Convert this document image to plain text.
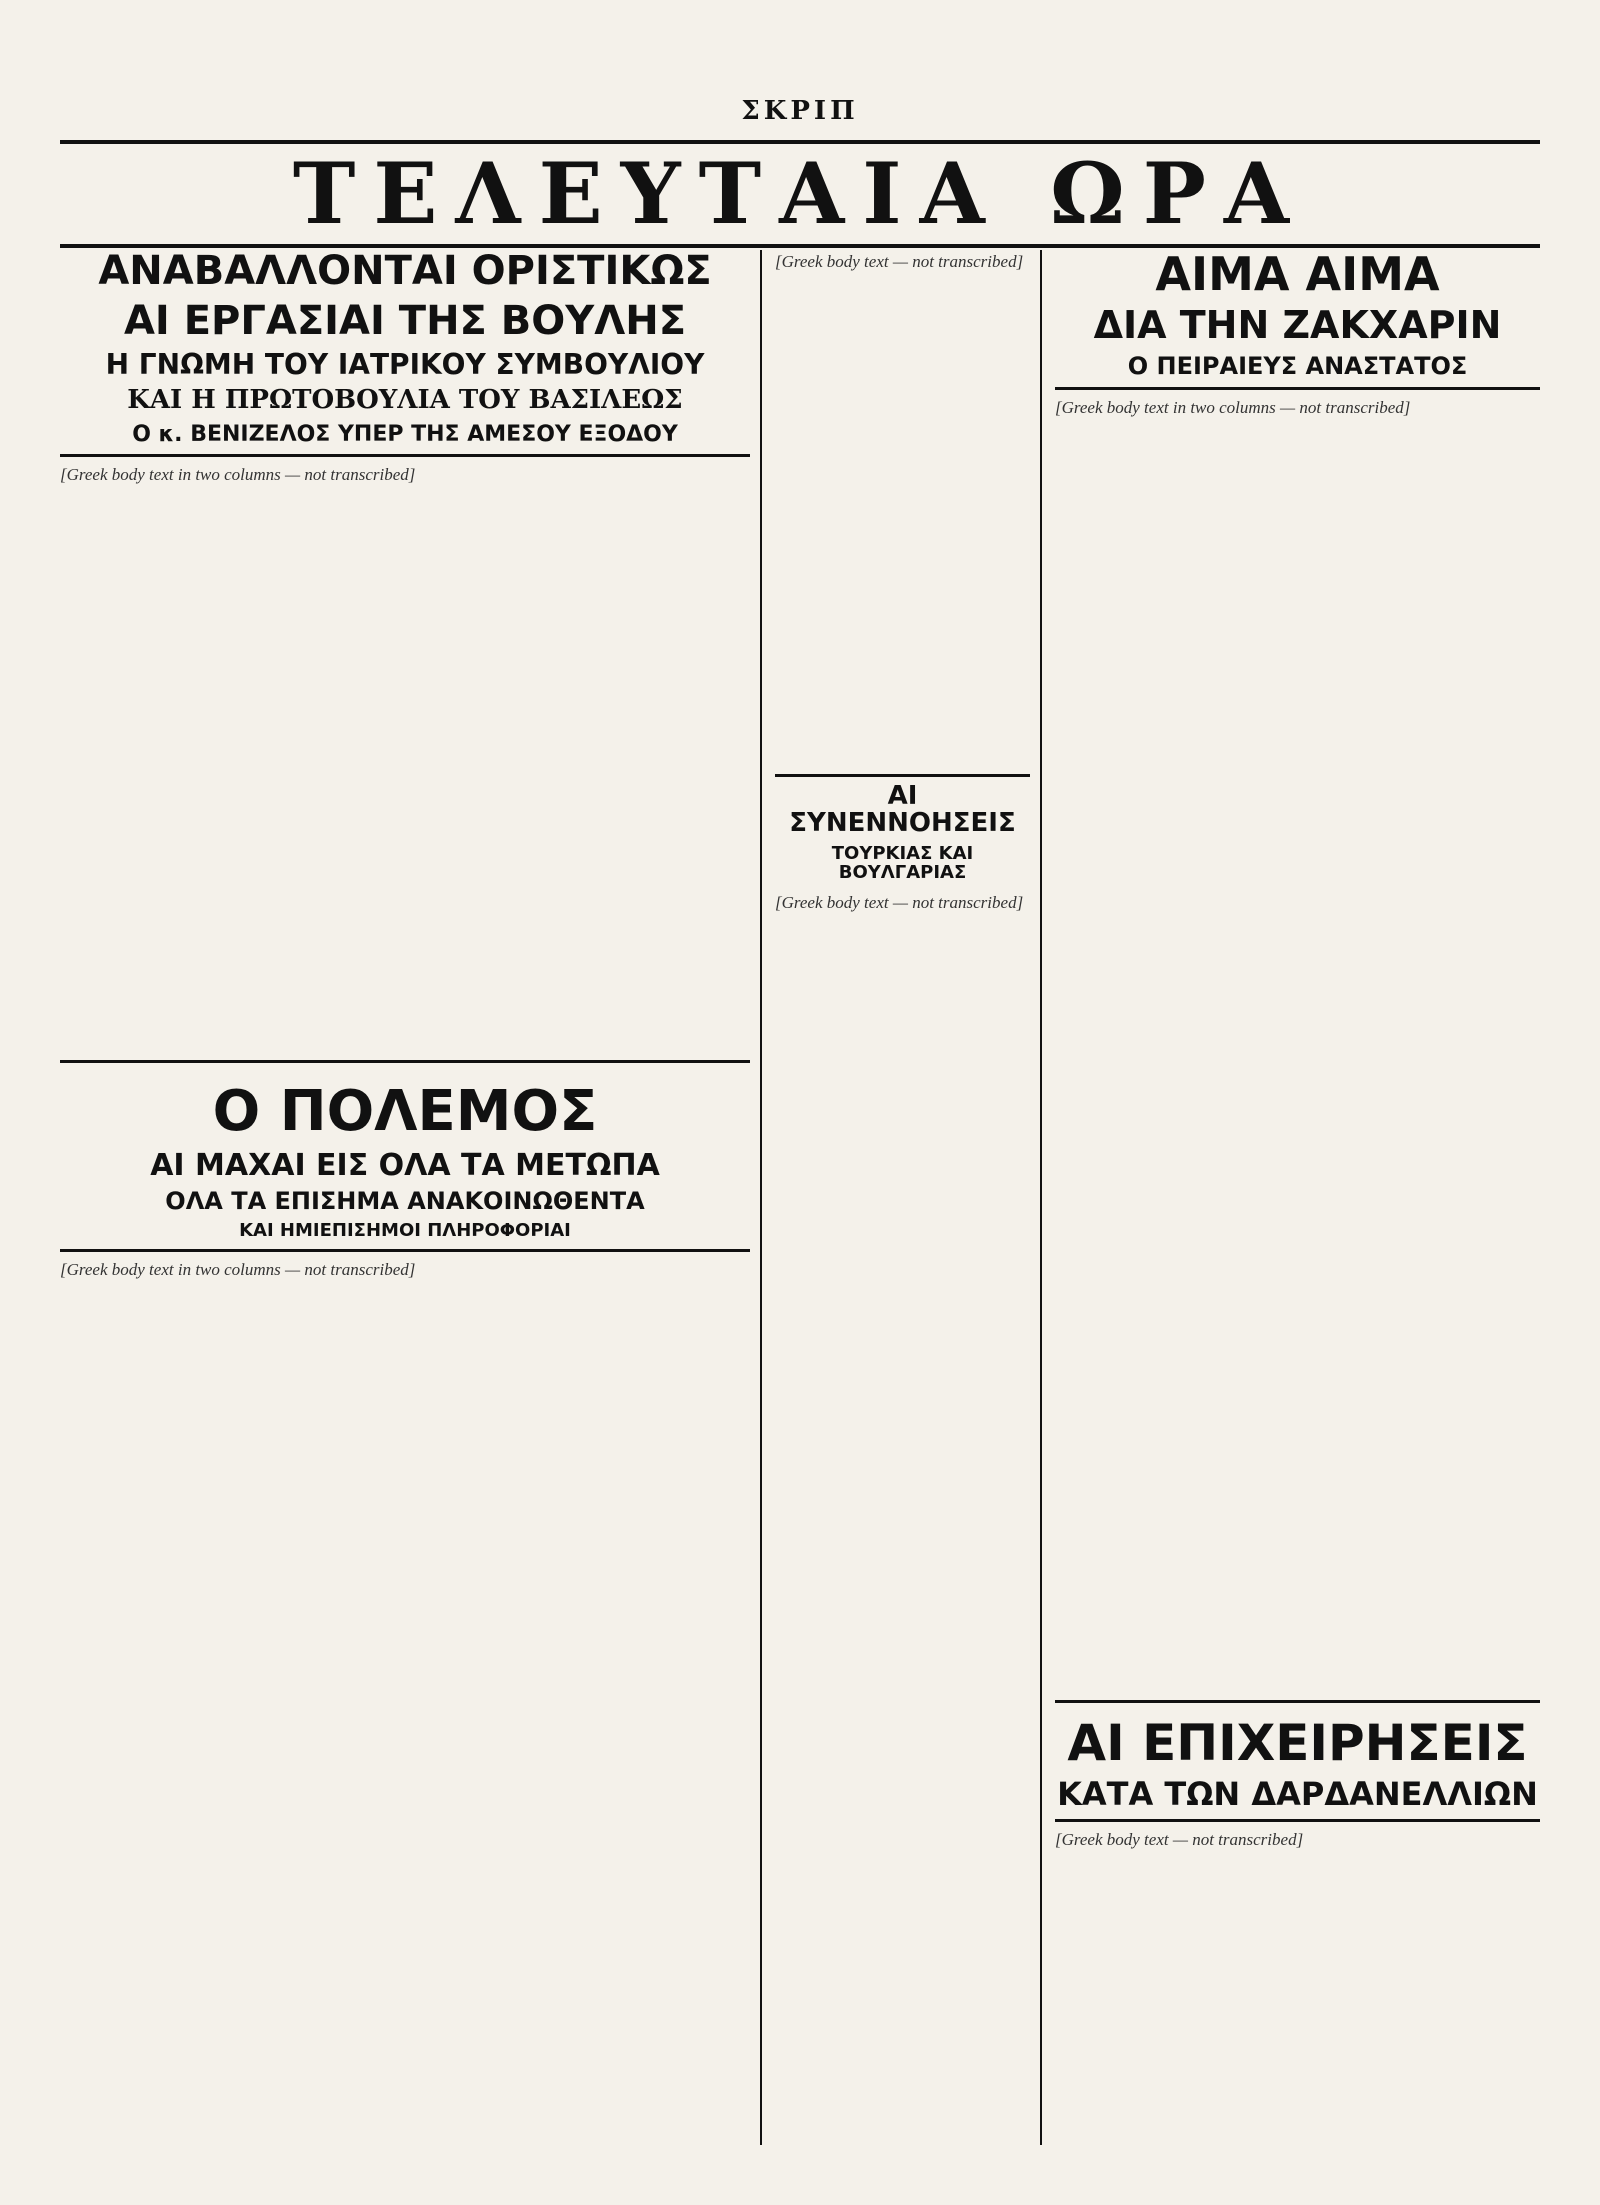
ΣΚΡΙΠ
ΤΕΛΕΥΤΑΙΑ ΩΡΑ
ΑΝΑΒΑΛΛΟΝΤΑΙ ΟΡΙΣΤΙΚΩΣ
ΑΙ ΕΡΓΑΣΙΑΙ ΤΗΣ ΒΟΥΛΗΣ
Η ΓΝΩΜΗ ΤΟΥ ΙΑΤΡΙΚΟΥ ΣΥΜΒΟΥΛΙΟΥ
ΚΑΙ Η ΠΡΩΤΟΒΟΥΛΙΑ ΤΟΥ ΒΑΣΙΛΕΩΣ
Ο κ. ΒΕΝΙΖΕΛΟΣ ΥΠΕΡ ΤΗΣ ΑΜΕΣΟΥ ΕΞΟΔΟΥ
[Greek body text in two columns — not transcribed]
Ο ΠΟΛΕΜΟΣ
ΑΙ ΜΑΧΑΙ ΕΙΣ ΟΛΑ ΤΑ ΜΕΤΩΠΑ
ΟΛΑ ΤΑ ΕΠΙΣΗΜΑ ΑΝΑΚΟΙΝΩΘΕΝΤΑ
ΚΑΙ ΗΜΙΕΠΙΣΗΜΟΙ ΠΛΗΡΟΦΟΡΙΑΙ
[Greek body text in two columns — not transcribed]
[Greek body text — not transcribed]
ΑΙ ΣΥΝΕΝΝΟΗΣΕΙΣ
ΤΟΥΡΚΙΑΣ ΚΑΙ ΒΟΥΛΓΑΡΙΑΣ
[Greek body text — not transcribed]
ΑΙΜΑ ΑΙΜΑ
ΔΙΑ ΤΗΝ ΖΑΚΧΑΡΙΝ
Ο ΠΕΙΡΑΙΕΥΣ ΑΝΑΣΤΑΤΟΣ
[Greek body text in two columns — not transcribed]
ΑΙ ΕΠΙΧΕΙΡΗΣΕΙΣ
ΚΑΤΑ ΤΩΝ ΔΑΡΔΑΝΕΛΛΙΩΝ
[Greek body text — not transcribed]
